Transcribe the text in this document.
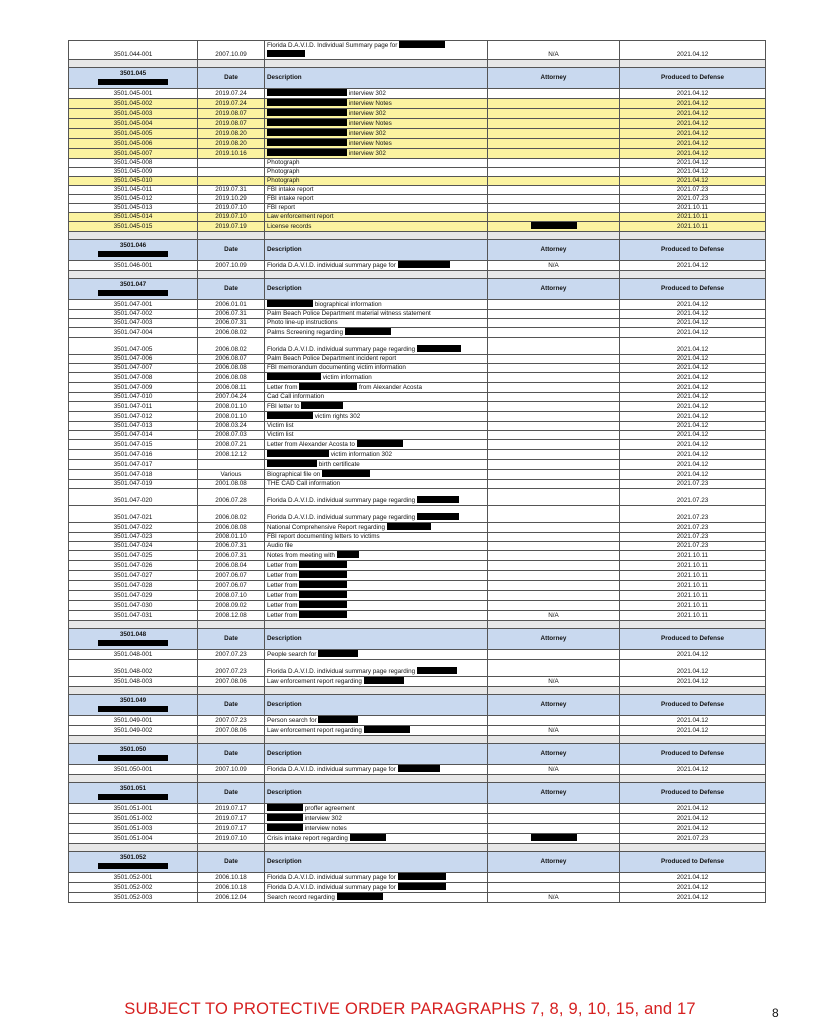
3501.044-001	2007.10.09	Florida D.A.V.I.D. Individual Summary page for	N/A	2021.04.12

3501.045	Date	Description	Attorney	Produced to Defense
3501.045-001	2019.07.24	interview 302		2021.04.12
3501.045-002	2019.07.24	interview Notes		2021.04.12
3501.045-003	2019.08.07	interview 302		2021.04.12
3501.045-004	2019.08.07	interview Notes		2021.04.12
3501.045-005	2019.08.20	interview 302		2021.04.12
3501.045-006	2019.08.20	interview Notes		2021.04.12
3501.045-007	2019.10.16	interview 302		2021.04.12
3501.045-008		Photograph		2021.04.12
3501.045-009		Photograph		2021.04.12
3501.045-010		Photograph		2021.04.12
3501.045-011	2019.07.31	FBI intake report		2021.07.23
3501.045-012	2019.10.29	FBI intake report		2021.07.23
3501.045-013	2019.07.10	FBI report		2021.10.11
3501.045-014	2019.07.10	Law enforcement report		2021.10.11
3501.045-015	2019.07.19	License records		2021.10.11

3501.046	Date	Description	Attorney	Produced to Defense
3501.046-001	2007.10.09	Florida D.A.V.I.D. individual summary page for	N/A	2021.04.12

3501.047	Date	Description	Attorney	Produced to Defense
3501.047-001	2006.01.01	biographical information		2021.04.12
3501.047-002	2006.07.31	Palm Beach Police Department material witness statement		2021.04.12
3501.047-003	2006.07.31	Photo line-up instructions		2021.04.12
3501.047-004	2006.08.02	Palms Screening regarding		2021.04.12
3501.047-005	2006.08.02	Florida D.A.V.I.D. individual summary page regarding		2021.04.12
3501.047-006	2006.08.07	Palm Beach Police Department incident report		2021.04.12
3501.047-007	2006.08.08	FBI memorandum documenting victim information		2021.04.12
3501.047-008	2006.08.08	victim information		2021.04.12
3501.047-009	2006.08.11	Letter from from Alexander Acosta		2021.04.12
3501.047-010	2007.04.24	Cad Call information		2021.04.12
3501.047-011	2008.01.10	FBI letter to		2021.04.12
3501.047-012	2008.01.10	victim rights 302		2021.04.12
3501.047-013	2008.03.24	Victim list		2021.04.12
3501.047-014	2008.07.03	Victim list		2021.04.12
3501.047-015	2008.07.21	Letter from Alexander Acosta to		2021.04.12
3501.047-016	2008.12.12	victim information 302		2021.04.12
3501.047-017		birth certificate		2021.04.12
3501.047-018	Various	Biographical file on		2021.04.12
3501.047-019	2001.08.08	THE CAD Call information		2021.07.23
3501.047-020	2006.07.28	Florida D.A.V.I.D. individual summary page regarding		2021.07.23
3501.047-021	2006.08.02	Florida D.A.V.I.D. individual summary page regarding		2021.07.23
3501.047-022	2006.08.08	National Comprehensive Report regarding		2021.07.23
3501.047-023	2008.01.10	FBI report documenting letters to victims		2021.07.23
3501.047-024	2006.07.31	Audio file		2021.07.23
3501.047-025	2006.07.31	Notes from meeting with		2021.10.11
3501.047-026	2006.08.04	Letter from		2021.10.11
3501.047-027	2007.06.07	Letter from		2021.10.11
3501.047-028	2007.06.07	Letter from		2021.10.11
3501.047-029	2008.07.10	Letter from		2021.10.11
3501.047-030	2008.09.02	Letter from		2021.10.11
3501.047-031	2008.12.08	Letter from	N/A	2021.10.11

3501.048	Date	Description	Attorney	Produced to Defense
3501.048-001	2007.07.23	People search for		2021.04.12
3501.048-002	2007.07.23	Florida D.A.V.I.D. individual summary page regarding		2021.04.12
3501.048-003	2007.08.06	Law enforcement report regarding	N/A	2021.04.12

3501.049	Date	Description	Attorney	Produced to Defense
3501.049-001	2007.07.23	Person search for		2021.04.12
3501.049-002	2007.08.06	Law enforcement report regarding	N/A	2021.04.12

3501.050	Date	Description	Attorney	Produced to Defense
3501.050-001	2007.10.09	Florida D.A.V.I.D. individual summary page for	N/A	2021.04.12

3501.051	Date	Description	Attorney	Produced to Defense
3501.051-001	2019.07.17	proffer agreement		2021.04.12
3501.051-002	2019.07.17	interview 302		2021.04.12
3501.051-003	2019.07.17	interview notes		2021.04.12
3501.051-004	2019.07.10	Crisis intake report regarding		2021.07.23

3501.052	Date	Description	Attorney	Produced to Defense
3501.052-001	2006.10.18	Florida D.A.V.I.D. individual summary page for		2021.04.12
3501.052-002	2006.10.18	Florida D.A.V.I.D. individual summary page for		2021.04.12
3501.052-003	2006.12.04	Search record regarding	N/A	2021.04.12
SUBJECT TO PROTECTIVE ORDER PARAGRAPHS 7, 8, 9, 10, 15, and 17	8
